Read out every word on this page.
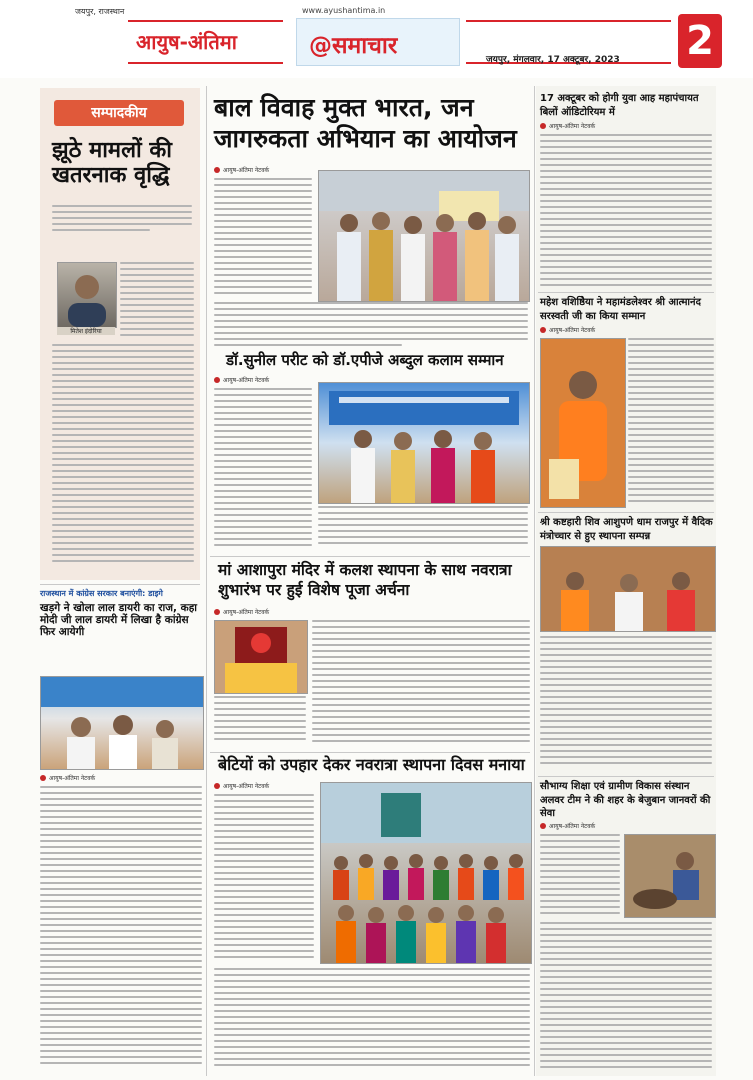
जयपुर, राजस्थान	www.ayushantima.in
आयुष-अंतिमा	@समाचार
जयपुर, मंगलवार, 17 अक्टूबर, 2023 2
सम्पादकीय
झूठे मामलों की खतरनाक वृद्धि
मितेश इंदोरिया
राजस्थान में कांग्रेस सरकार बनाएंगी: डाइगे
खड़गे ने खोला लाल डायरी का राज, कहा मोदी जी लाल डायरी में लिखा है कांग्रेस फिर आयेगी
आयुष-अंतिमा नेटवर्क
बाल विवाह मुक्त भारत, जन जागरुकता अभियान का आयोजन
आयुष-अंतिमा नेटवर्क
डॉ.सुनील परीट को डॉ.एपीजे अब्दुल कलाम सम्मान
आयुष-अंतिमा नेटवर्क
मां आशापुरा मंदिर में कलश स्थापना के साथ नवरात्रा शुभारंभ पर हुई विशेष पूजा अर्चना
आयुष-अंतिमा नेटवर्क
बेटियों को उपहार देकर नवरात्रा स्थापना दिवस मनाया
आयुष-अंतिमा नेटवर्क
17 अक्टूबर को होगी युवा आह महापंचायत बिलों ऑडिटोरियम में
आयुष-अंतिमा नेटवर्क
महेश वशिष्ठेिया ने महामंडलेश्वर श्री आत्मानंद सरस्वती जी का किया सम्मान
आयुष-अंतिमा नेटवर्क
श्री कष्टहारी शिव आशुपणे धाम राजपुर में वैदिक मंत्रोच्चार से हुए स्थापना सम्पन्न
सौभाग्य शिक्षा एवं ग्रामीण विकास संस्थान अलवर टीम ने की शहर के बेजुबान जानवरों की सेवा
आयुष-अंतिमा नेटवर्क
